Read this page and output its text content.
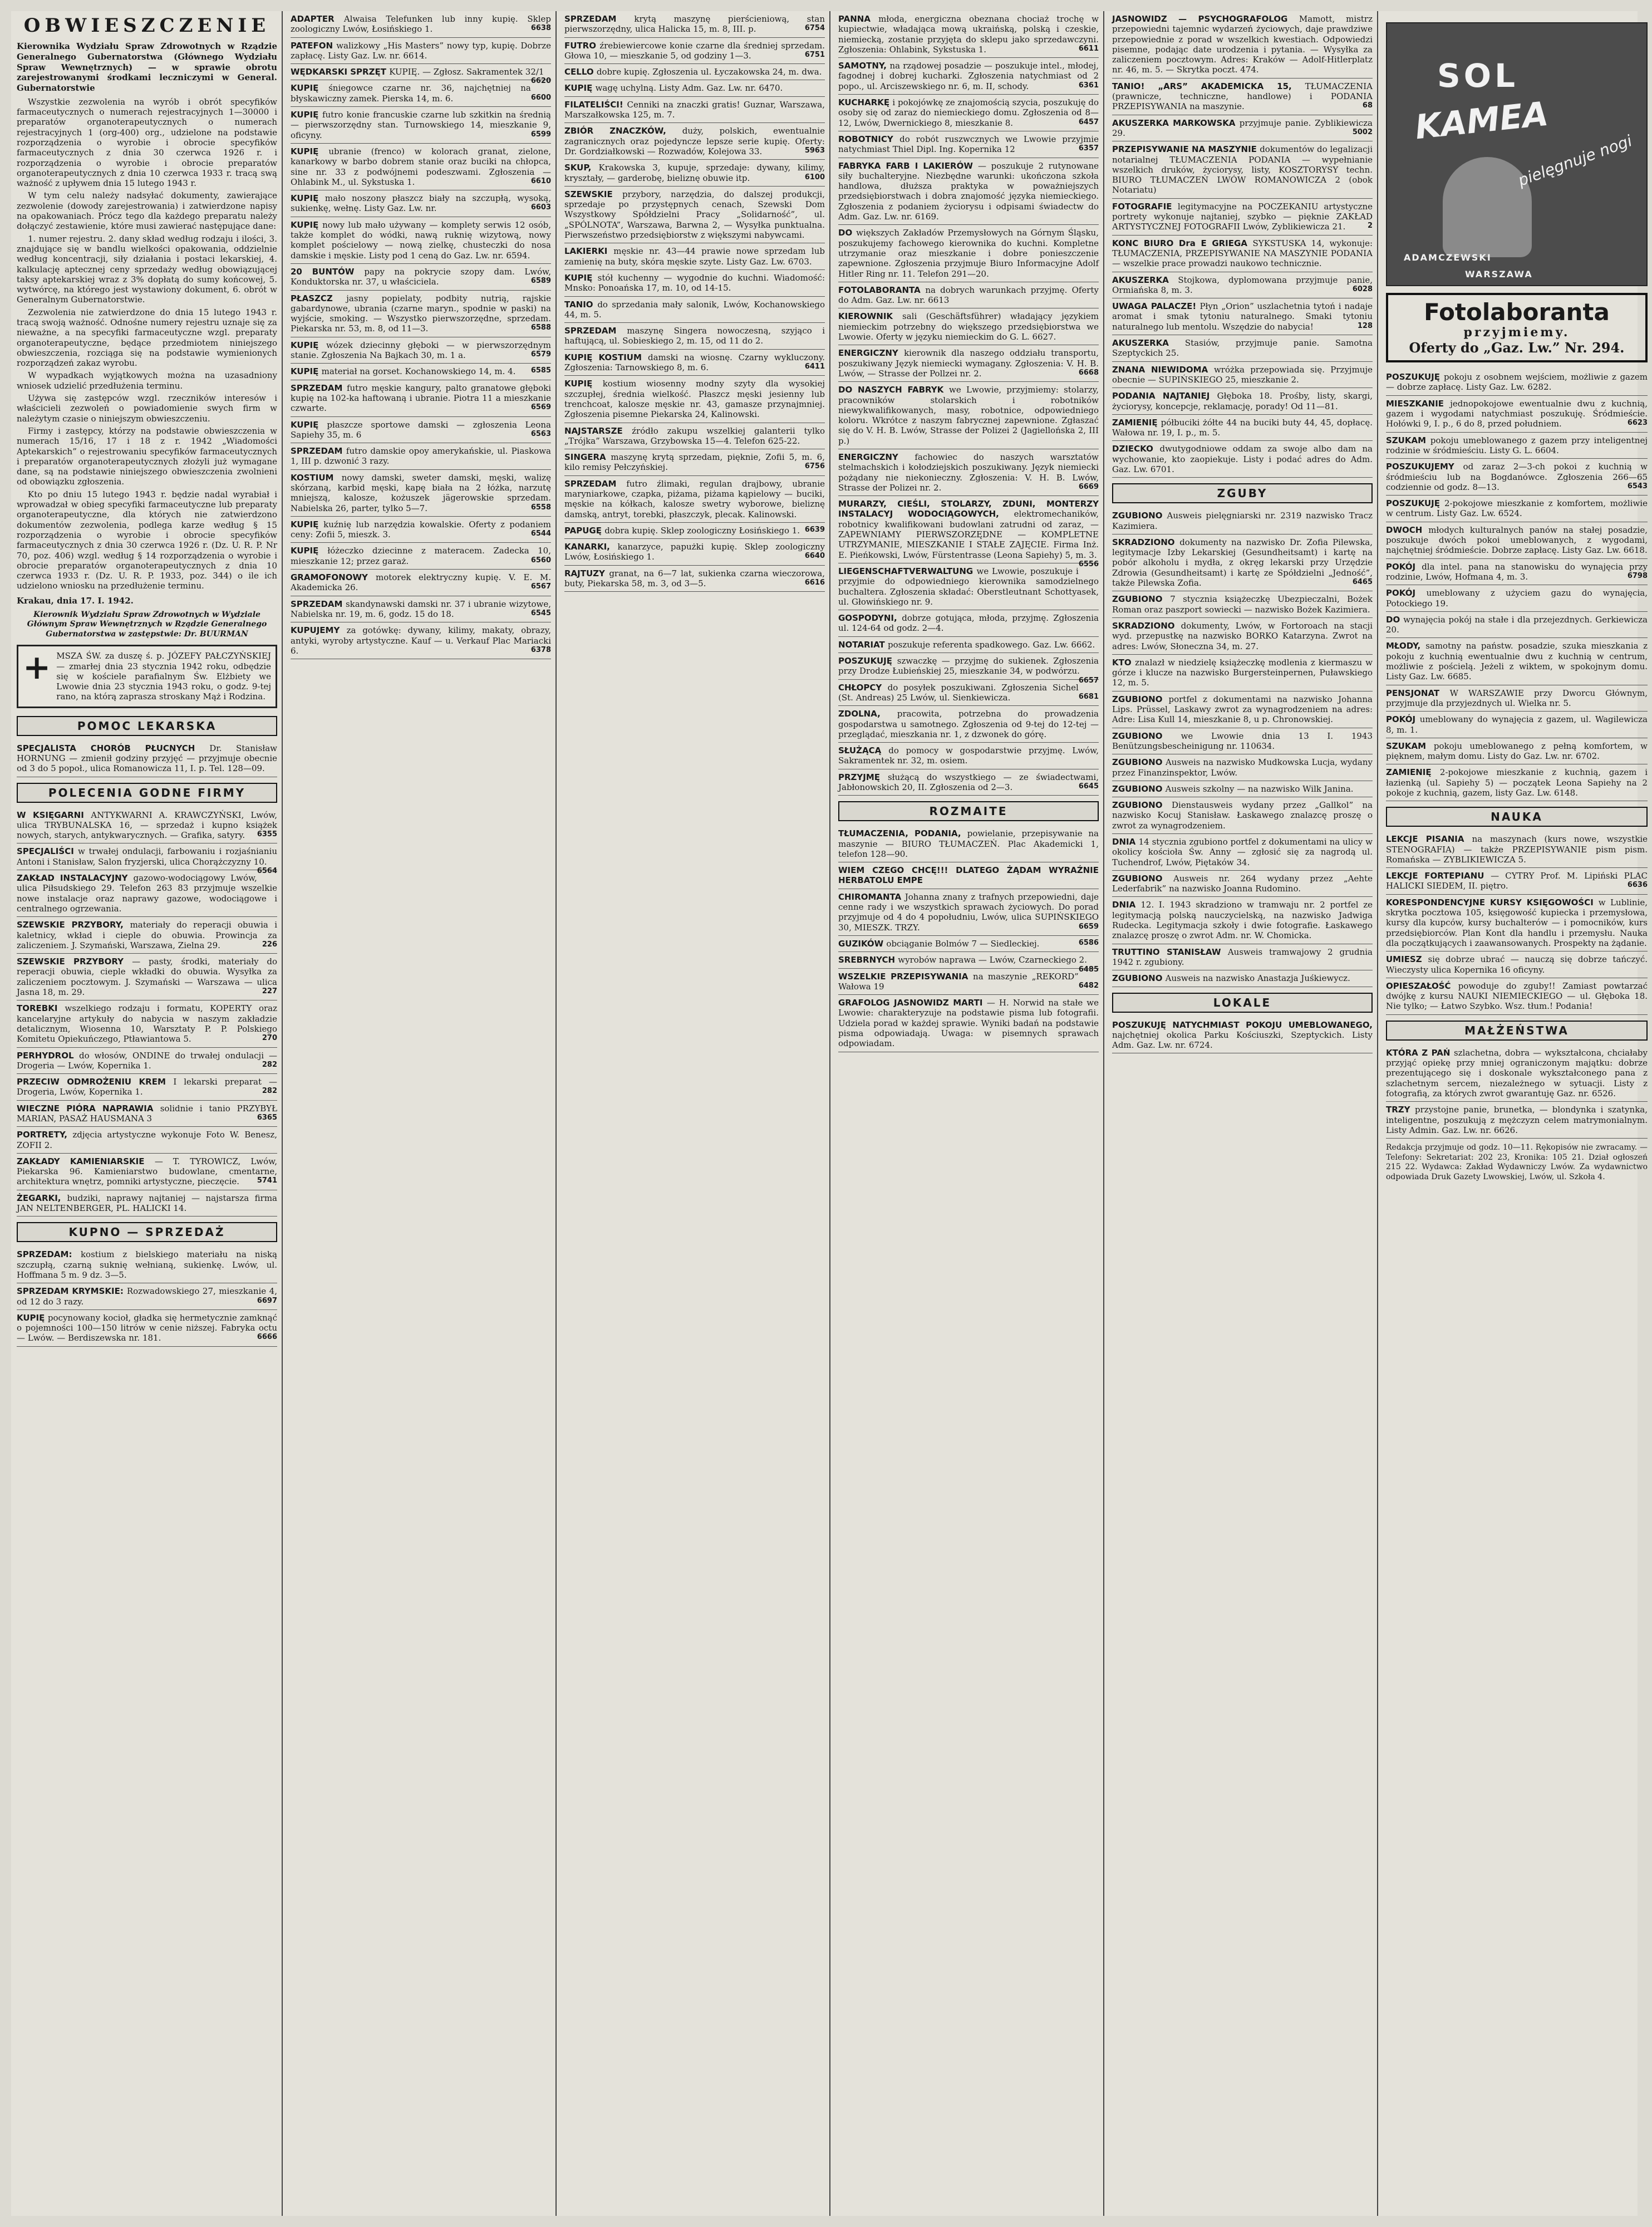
OBWIESZCZENIE
Kierownika Wydziału Spraw Zdrowotnych w Rządzie Generalnego Gubernatorstwa (Głównego Wydziału Spraw Wewnętrznych) — w sprawie obrotu zarejestrowanymi środkami leczniczymi w General. Gubernatorstwie

Wszystkie zezwolenia na wyrób i obrót specyfików farmaceutycznych o numerach rejestracyjnych 1—30000 i preparatów organoterapeutycznych o numerach rejestracyjnych 1 (org-400) org., udzielone na podstawie rozporządzenia o wyrobie i obrocie specyfików farmaceutycznych z dnia 30 czerwca 1926 r. i rozporządzenia o wyrobie i obrocie preparatów organoterapeutycznych z dnia 10 czerwca 1933 r. tracą swą ważność z upływem dnia 15 lutego 1943 r.

W tym celu należy nadsyłać dokumenty, zawierające zezwolenie (dowody zarejestrowania) i zatwierdzone napisy na opakowaniach. Prócz tego dla każdego preparatu należy dołączyć zestawienie, które musi zawierać następujące dane:

1. numer rejestru. 2. dany skład według rodzaju i ilości, 3. znajdujące się w bandlu wielkości opakowania, oddzielnie według koncentracji, siły działania i postaci lekarskiej, 4. kalkulację aptecznej ceny sprzedaży według obowiązującej taksy aptekarskiej wraz z 3% dopłatą do sumy końcowej, 5. wytwórcę, na którego jest wystawiony dokument, 6. obrót w Generalnym Gubernatorstwie.

Zezwolenia nie zatwierdzone do dnia 15 lutego 1943 r. tracą swoją ważność. Odnośne numery rejestru uznaje się za nieważne, a na specyfiki farmaceutyczne wzgl. preparaty organoterapeutyczne, będące przedmiotem niniejszego obwieszczenia, rozciąga się na podstawie wymienionych rozporządzeń zakaz wyrobu.

W wypadkach wyjątkowych można na uzasadniony wniosek udzielić przedłużenia terminu.

Używa się zastępców wzgl. rzeczników interesów i właścicieli zezwoleń o powiadomienie swych firm w należytym czasie o niniejszym obwieszczeniu.

Firmy i zastępcy, którzy na podstawie obwieszczenia w numerach 15/16, 17 i 18 z r. 1942 „Wiadomości Aptekarskich” o rejestrowaniu specyfików farmaceutycznych i preparatów organoterapeutycznych złożyli już wymagane dane, są na podstawie niniejszego obwieszczenia zwolnieni od obowiązku zgłoszenia.

Kto po dniu 15 lutego 1943 r. będzie nadal wyrabiał i wprowadzał w obieg specyfiki farmaceutyczne lub preparaty organoterapeutyczne, dla których nie zatwierdzono dokumentów zezwolenia, podlega karze według § 15 rozporządzenia o wyrobie i obrocie specyfików farmaceutycznych z dnia 30 czerwca 1926 r. (Dz. U. R. P. Nr 70, poz. 406) wzgl. według § 14 rozporządzenia o wyrobie i obrocie preparatów organoterapeutycznych z dnia 10 czerwca 1933 r. (Dz. U. R. P. 1933, poz. 344) o ile ich udzielono wniosku na przedłużenie terminu.

Krakau, dnia 17. I. 1942.
Kierownik Wydziału Spraw Zdrowotnych w Wydziale Głównym Spraw Wewnętrznych w Rządzie Generalnego Gubernatorstwa w zastępstwie: Dr. BUURMAN
+ MSZA ŚW. za duszę ś. p. JÓZEFY PAŁCZYŃSKIEJ — zmarłej dnia 23 stycznia 1942 roku, odbędzie się w kościele parafialnym Św. Elżbiety we Lwowie dnia 23 stycznia 1943 roku, o godz. 9-tej rano, na którą zaprasza stroskany Mąż i Rodzina.
POMOC LEKARSKA
SPECJALISTA CHORÓB PŁUCNYCH Dr. Stanisław HORNUNG — zmienił godziny przyjęć — przyjmuje obecnie od 3 do 5 popoł., ulica Romanowicza 11, I. p. Tel. 128—09.
POLECENIA GODNE FIRMY
W KSIĘGARNI ANTYKWARNI A. KRAWCZYŃSKI, Lwów, ulica TRYBUNALSKA 16, — sprzedaż i kupno książek nowych, starych, antykwarycznych. — Grafika, satyry. 6355
SPECJALIŚCI w trwałej ondulacji, farbowaniu i rozjaśnianiu Antoni i Stanisław, Salon fryzjerski, ulica Chorążczyzny 10.
6564
ZAKŁAD INSTALACYJNY gazowo-wodociągowy Lwów, ulica Piłsudskiego 29. Telefon 263 83 przyjmuje wszelkie nowe instalacje oraz naprawy gazowe, wodociągowe i centralnego ogrzewania.
SZEWSKIE PRZYBORY, materiały do reperacji obuwia i kaletnicy, wkład i cieple do obuwia. Prowincja za zaliczeniem. J. Szymański, Warszawa, Zielna 29.	226
SZEWSKIE PRZYBORY — pasty, środki, materiały do reperacji obuwia, cieple wkładki do obuwia. Wysyłka za zaliczeniem pocztowym. J. Szymański — Warszawa — ulica Jasna 18, m. 29.	227
TOREBKI wszelkiego rodzaju i formatu, KOPERTY oraz kancelaryjne artykuły do nabycia w naszym zakładzie detalicznym, Wiosenna 10, Warsztaty P. P. Polskiego Komitetu Opiekuńczego, Ptławiantowa 5.	270
PERHYDROL do włosów, ONDINE do trwałej ondulacji — Drogeria — Lwów, Kopernika 1.	282
PRZECIW ODMROŻENIU KREM I lekarski preparat — Drogeria, Lwów, Kopernika 1.	282
WIECZNE PIÓRA NAPRAWIA solidnie i tanio PRZYBYŁ MARIAN, PASAŻ HAUSMANA 3	6365
PORTRETY, zdjęcia artystyczne wykonuje Foto W. Benesz, ZOFII 2.
ZAKŁADY KAMIENIARSKIE — T. TYROWICZ, Lwów, Piekarska 96. Kamieniarstwo budowlane, cmentarne, architektura wnętrz, pomniki artystyczne, pieczęcie. 5741
ŻEGARKI, budziki, naprawy najtaniej — najstarsza firma JAN NELTENBERGER, PL. HALICKI 14.
KUPNO — SPRZEDAŻ
SPRZEDAM: kostium z bielskiego materiału na niską szczupłą, czarną suknię wełnianą, sukienkę. Lwów, ul. Hoffmana 5 m. 9 dz. 3—5.
SPRZEDAM KRYMSKIE: Rozwadowskiego 27, mieszkanie 4, od 12 do 3 razy.	6697
KUPIĘ pocynowany kocioł, gładka się hermetycznie zamknąć o pojemności 100—150 litrów w cenie niższej. Fabryka octu — Lwów. — Berdiszewska nr. 181.	6666
ADAPTER Alwaisa Telefunken lub inny kupię. Sklep zoologiczny Lwów, Łosińskiego 1.	6638
PATEFON walizkowy „His Masters” nowy typ, kupię. Dobrze zapłacę. Listy Gaz. Lw. nr. 6614.
WĘDKARSKI SPRZĘT KUPIĘ. — Zgłosz. Sakramentek 32/1
6620
KUPIĘ śniegowce czarne nr. 36, najchętniej na błyskawiczny zamek. Pierska 14, m. 6.	6600
KUPIĘ futro konie francuskie czarne lub szkitkin na średnią — pierwszorzędny stan. Turnowskiego 14, mieszkanie 9, oficyny.	6599
KUPIĘ ubranie (frenco) w kolorach granat, zielone, kanarkowy w barbo dobrem stanie oraz buciki na chłopca, sine nr. 33 z podwójnemi podeszwami. Zgłoszenia — Ohlabink M., ul. Sykstuska 1.	6610
KUPIĘ mało noszony płaszcz biały na szczupłą, wysoką, sukienkę, wełnę. Listy Gaz. Lw. nr.	6603
KUPIĘ nowy lub mało używany — komplety serwis 12 osób, także komplet do wódki, nawą ruknię wizytową, nowy komplet pościelowy — nową zielkę, chusteczki do nosa damskie i męskie. Listy pod 1 ceną do Gaz. Lw. nr. 6594.
20 BUNTÓW papy na pokrycie szopy dam. Lwów, Konduktorska nr. 37, u właściciela.	6589
PŁASZCZ jasny popielaty, podbity nutrią, rajskie gabardynowe, ubrania (czarne maryn., spodnie w paski) na wyjście, smoking. — Wszystko pierwszorzędne, sprzedam. Piekarska nr. 53, m. 8, od 11—3.	6588
KUPIĘ wózek dziecinny głęboki — w pierwszorzędnym stanie. Zgłoszenia Na Bajkach 30, m. 1 a.	6579
KUPIĘ materiał na gorset. Kochanowskiego 14, m. 4. 6585
SPRZEDAM futro męskie kangury, palto granatowe głęboki kupię na 102-ka haftowaną i ubranie. Piotra 11 a mieszkanie czwarte.	6569
KUPIĘ płaszcze sportowe damski — zgłoszenia Leona Sapiehy 35, m. 6	6563
SPRZEDAM futro damskie opoy amerykańskie, ul. Piaskowa 1, III p. dzwonić 3 razy.
KOSTIUM nowy damski, sweter damski, męski, walizę skórzaną, karbid męski, kapę biała na 2 łóżka, narzutę mniejszą, kalosze, kożuszek jägerowskie sprzedam. Nabielska 26, parter, tylko 5—7.	6558
KUPIĘ kuźnię lub narzędzia kowalskie. Oferty z podaniem ceny: Zofii 5, mieszk. 3.	6544
KUPIĘ łóżeczko dziecinne z materacem. Zadecka 10, mieszkanie 12; przez garaż.	6560
GRAMOFONOWY motorek elektryczny kupię. V. E. M. Akademicka 26.	6567
SPRZEDAM skandynawski damski nr. 37 i ubranie wizytowe, Nabielska nr. 19, m. 6, godz. 15 do 18.	6545
KUPUJEMY za gotówkę: dywany, kilimy, makaty, obrazy, antyki, wyroby artystyczne. Kauf — u. Verkauf Plac Mariacki 6.	6378
SPRZEDAM krytą maszynę pierścieniową, stan pierwszorzędny, ulica Halicka 15, m. 8, III. p.	6754
FUTRO źrebiewiercowe konie czarne dla średniej sprzedam. Głowa 10, — mieszkanie 5, od godziny 1—3.	6751
CELLO dobre kupię. Zgłoszenia ul. Łyczakowska 24, m. dwa.
KUPIĘ wagę uchylną. Listy Adm. Gaz. Lw. nr. 6470.
FILATELIŚCI! Cenniki na znaczki gratis! Guznar, Warszawa, Marszałkowska 125, m. 7.
ZBIÓR ZNACZKÓW, duży, polskich, ewentualnie zagranicznych oraz pojedyncze lepsze serie kupię. Oferty: Dr. Gordziałkowski — Rozwadów, Kolejowa 33.	5963
SKUP, Krakowska 3, kupuje, sprzedaje: dywany, kilimy, kryształy, — garderobę, bieliznę obuwie itp.	6100
SZEWSKIE przybory, narzędzia, do dalszej produkcji, sprzedaje po przystępnych cenach, Szewski Dom Wszystkowy Spółdzielni Pracy „Solidarność”, ul. „SPÓLNOTA”, Warszawa, Barwna 2, — Wysyłka punktualna. Pierwszeństwo przedsiębiorstw z większymi nabywcami.
LAKIERKI męskie nr. 43—44 prawie nowe sprzedam lub zamienię na buty, skóra męskie szyte. Listy Gaz. Lw. 6703.
KUPIĘ stół kuchenny — wygodnie do kuchni. Wiadomość: Mnsko: Ponoańska 17, m. 10, od 14-15.
TANIO do sprzedania mały salonik, Lwów, Kochanowskiego 44, m. 5.
SPRZEDAM maszynę Singera nowoczesną, szyjąco i haftującą, ul. Sobieskiego 2, m. 15, od 11 do 2.
KUPIĘ KOSTIUM damski na wiosnę. Czarny wykluczony. Zgłoszenia: Tarnowskiego 8, m. 6.	6411
KUPIĘ kostium wiosenny modny szyty dla wysokiej szczupłej, średnia wielkość. Płaszcz męski jesienny lub trenchcoat, kalosze męskie nr. 43, gamasze przynajmniej. Zgłoszenia pisemne Piekarska 24, Kalinowski.
NAJSTARSZE źródło zakupu wszelkiej galanterii tylko „Trójka” Warszawa, Grzybowska 15—4. Telefon 625-22.
SINGERA maszynę krytą sprzedam, pięknie, Zofii 5, m. 6, kilo remisy Pełczyńskiej.	6756
SPRZEDAM futro źlimaki, regulan drajbowy, ubranie maryniarkowe, czapka, piżama, piżama kąpielowy — buciki, męskie na kółkach, kalosze swetry wyborowe, bieliznę damską, antryt, torebki, płaszczyk, plecak. Kalinowski.
PAPUGĘ dobra kupię. Sklep zoologiczny Łosińskiego 1. 6639
KANARKI, kanarzyce, papużki kupię. Sklep zoologiczny Lwów, Łosińskiego 1.	6640
RAJTUZY granat, na 6—7 lat, sukienka czarna wieczorowa, buty, Piekarska 58, m. 3, od 3—5.	6616
PANNA młoda, energiczna obeznana chociaż trochę w kupiectwie, władająca mową ukraińską, polską i czeskie, niemiecką, zostanie przyjęta do sklepu jako sprzedawczyni. Zgłoszenia: Ohlabink, Sykstuska 1.	6611
SAMOTNY, na rządowej posadzie — poszukuje intel., młodej, fagodnej i dobrej kucharki. Zgłoszenia natychmiast od 2 popo., ul. Arciszewskiego nr. 6, m. II, schody.	6361
KUCHARKĘ i pokojówkę ze znajomością szycia, poszukuję do osoby się od zaraz do niemieckiego domu. Zgłoszenia od 8—12, Lwów, Dwernickiego 8, mieszkanie 8.	6457
ROBOTNICY do robót ruszwcznych we Lwowie przyjmie natychmiast Thiel Dipl. Ing. Kopernika 12	6357
FABRYKA FARB I LAKIERÓW — poszukuje 2 rutynowane siły buchalteryjne. Niezbędne warunki: ukończona szkoła handlowa, dłuższa praktyka w poważniejszych przedsiębiorstwach i dobra znajomość języka niemieckiego. Zgłoszenia z podaniem życiorysu i odpisami świadectw do Adm. Gaz. Lw. nr. 6169.
DO większych Zakładów Przemysłowych na Górnym Śląsku, poszukujemy fachowego kierownika do kuchni. Kompletne utrzymanie oraz mieszkanie i dobre ponieszczenie zapewnione. Zgłoszenia przyjmuje Biuro Informacyjne Adolf Hitler Ring nr. 11. Telefon 291—20.
FOTOLABORANTA na dobrych warunkach przyjmę. Oferty do Adm. Gaz. Lw. nr. 6613
KIEROWNIK sali (Geschäftsführer) władający językiem niemieckim potrzebny do większego przedsiębiorstwa we Lwowie. Oferty w języku niemieckim do G. L. 6627.
ENERGICZNY kierownik dla naszego oddziału transportu, poszukiwany Język niemiecki wymagany. Zgłoszenia: V. H. B. Lwów, — Strasse der Pollzei nr. 2.	6668
DO NASZYCH FABRYK we Lwowie, przyjmiemy: stolarzy, pracowników stolarskich i robotników niewykwalifikowanych, masy, robotnice, odpowiedniego koloru. Wkrótce z naszym fabrycznej zapewnione. Zgłaszać się do V. H. B. Lwów, Strasse der Polizei 2 (Jagiellońska 2, III p.)
ENERGICZNY fachowiec do naszych warsztatów stelmachskich i kołodziejskich poszukiwany. Język niemiecki pożądany nie niekonieczny. Zgłoszenia: V. H. B. Lwów, Strasse der Polizei nr. 2.	6669
MURARZY, CIEŚLI, STOLARZY, ZDUNI, MONTERZY INSTALACYJ WODOCIĄGOWYCH, elektromechaników, robotnicy kwalifikowani budowlani zatrudni od zaraz, — ZAPEWNIAMY PIERWSZORZĘDNE — KOMPLETNE UTRZYMANIE, MIESZKANIE I STAŁE ZAJĘCIE. Firma Inż. E. Pieńkowski, Lwów, Fürstentrasse (Leona Sapiehy) 5, m. 3.
6556
LIEGENSCHAFTVERWALTUNG we Lwowie, poszukuje i przyjmie do odpowiedniego kierownika samodzielnego buchaltera. Zgłoszenia składać: Oberstleutnant Schottyasek, ul. Głowińskiego nr. 9.
GOSPODYNI, dobrze gotująca, młoda, przyjmę. Zgłoszenia ul. 124-64 od godz. 2—4.
NOTARIAT poszukuje referenta spadkowego. Gaz. Lw. 6662.
POSZUKUJĘ szwaczkę — przyjmę do sukienek. Zgłoszenia przy Drodze Łubieńskiej 25, mieszkanie 34, w podwórzu.
6657
CHŁOPCY do posyłek poszukiwani. Zgłoszenia Sichel (St. Andreas) 25 Lwów, ul. Sienkiewicza.	6681
ZDOLNA, pracowita, potrzebna do prowadzenia gospodarstwa u samotnego. Zgłoszenia od 9-tej do 12-tej — przeglądać, mieszkania nr. 1, z dzwonek do górę.
SŁUŻĄCĄ do pomocy w gospodarstwie przyjmę. Lwów, Sakramentek nr. 32, m. osiem.
PRZYJMĘ służącą do wszystkiego — ze świadectwami, Jabłonowskich 20, II. Zgłoszenia od 2—3.	6645
ROZMAITE
TŁUMACZENIA, PODANIA, powielanie, przepisywanie na maszynie — BIURO TŁUMACZEŃ. Plac Akademicki 1, telefon 128—90.
WIEM CZEGO CHCĘ!!! DLATEGO ŻĄDAM WYRAŹNIE HERBATOLU EMPE
CHIROMANTA Johanna znany z trafnych przepowiedni, daje cenne rady i we wszystkich sprawach życiowych. Do porad przyjmuje od 4 do 4 popołudniu, Lwów, ulica SUPIŃSKIEGO 30, MIESZK. TRZY.	6659
GUZIKÓW obciąganie Bolmów 7 — Siedleckiej.	6586
SREBRNYCH wyrobów naprawa — Lwów, Czarneckiego 2.
6485
WSZELKIE PRZEPISYWANIA na maszynie „REKORD” Wałowa 19	6482
GRAFOLOG JASNOWIDZ MARTI — H. Norwid na stałe we Lwowie: charakteryzuje na podstawie pisma lub fotografii. Udziela porad w każdej sprawie. Wyniki badań na podstawie pisma odpowiadają. Uwaga: w pisemnych sprawach odpowiadam.
JASNOWIDZ — PSYCHOGRAFOLOG Mamott, mistrz przepowiedni tajemnic wydarzeń życiowych, daje prawdziwe przepowiednie z porad w wszelkich kwestiach. Odpowiedzi pisemne, podając date urodzenia i pytania. — Wysyłka za zaliczeniem pocztowym. Adres: Kraków — Adolf-Hitlerplatz nr. 46, m. 5. — Skrytka poczt. 474.
TANIO! „ARS” AKADEMICKA 15, TŁUMACZENIA (prawnicze, techniczne, handlowe) i PODANIA PRZEPISYWANIA na maszynie.	68
AKUSZERKA MARKOWSKA przyjmuje panie. Zyblikiewicza 29.	5002
PRZEPISYWANIE NA MASZYNIE dokumentów do legalizacji notarialnej TŁUMACZENIA PODANIA — wypełnianie wszelkich druków, życiorysy, listy, KOSZTORYSY techn. BIURO TŁUMACZEŃ LWÓW ROMANOWICZA 2 (obok Notariatu)
FOTOGRAFIE legitymacyjne na POCZEKANIU artystyczne portrety wykonuje najtaniej, szybko — pięknie ZAKŁAD ARTYSTYCZNEJ FOTOGRAFII Lwów, Zyblikiewicza 21.	2
KONC BIURO Dra E GRIEGA SYKSTUSKA 14, wykonuje: TŁUMACZENIA, PRZEPISYWANIE NA MASZYNIE PODANIA — wszelkie prace prowadzi naukowo technicznie.
AKUSZERKA Stojkowa, dyplomowana przyjmuje panie, Ormiańska 8, m. 3.	6028
UWAGA PALACZE! Płyn „Orion” uszlachetnia tytoń i nadaje aromat i smak tytoniu naturalnego. Smaki tytoniu naturalnego lub mentolu. Wszędzie do nabycia!	128
AKUSZERKA Stasiów, przyjmuje panie. Samotna Szeptyckich 25.
ZNANA NIEWIDOMA wróżka przepowiada się. Przyjmuje obecnie — SUPIŃSKIEGO 25, mieszkanie 2.
PODANIA NAJTANIEJ Głęboka 18. Prośby, listy, skargi, życiorysy, koncepcje, reklamację, porady! Od 11—81.
ZAMIENIĘ półbuciki żółte 44 na buciki buty 44, 45, dopłacę. Wałowa nr. 19, I. p., m. 5.
DZIECKO dwutygodniowe oddam za swoje albo dam na wychowanie, kto zaopiekuje. Listy i podać adres do Adm. Gaz. Lw. 6701.
ZGUBY
ZGUBIONO Ausweis pielęgniarski nr. 2319 nazwisko Tracz Kazimiera.
SKRADZIONO dokumenty na nazwisko Dr. Zofia Pilewska, legitymacje Izby Lekarskiej (Gesundheitsamt) i kartę na pobór alkoholu i mydła, z okręg lekarski przy Urzędzie Zdrowia (Gesundheitsamt) i kartę ze Spółdzielni „Jedność”, także Pilewska Zofia.	6465
ZGUBIONO 7 stycznia książeczkę Ubezpieczalni, Bożek Roman oraz paszport sowiecki — nazwisko Bożek Kazimiera.
SKRADZIONO dokumenty, Lwów, w Fortoroach na stacji wyd. przepustkę na nazwisko BORKO Katarzyna. Zwrot na adres: Lwów, Słoneczna 34, m. 27.
KTO znalazł w niedzielę książeczkę modlenia z kiermaszu w górze i klucze na nazwisko Burgersteinpernen, Puławskiego 12, m. 5.
ZGUBIONO portfel z dokumentami na nazwisko Johanna Lips. Prüssel, Laskawy zwrot za wynagrodzeniem na adres: Adre: Lisa Kull 14, mieszkanie 8, u p. Chronowskiej.
ZGUBIONO we Lwowie dnia 13 I. 1943 Benützungsbescheinigung nr. 110634.
ZGUBIONO Ausweis na nazwisko Mudkowska Lucja, wydany przez Finanzinspektor, Lwów.
ZGUBIONO Ausweis szkolny — na nazwisko Wilk Janina.
ZGUBIONO Dienstausweis wydany przez „Gallkol” na nazwisko Kocuj Stanisław. Łaskawego znalazcę proszę o zwrot za wynagrodzeniem.
DNIA 14 stycznia zgubiono portfel z dokumentami na ulicy w okolicy kościoła Św. Anny — zgłosić się za nagrodą ul. Tuchendrof, Lwów, Piętaków 34.
ZGUBIONO Ausweis nr. 264 wydany przez „Aehte Lederfabrik” na nazwisko Joanna Rudomino.
DNIA 12. I. 1943 skradziono w tramwaju nr. 2 portfel ze legitymacją polską nauczycielską, na nazwisko Jadwiga Rudecka. Legitymacja szkoły i dwie fotografie. Łaskawego znalazcę proszę o zwrot Adm. nr. W. Chomicka.
TRUTTINO STANISŁAW Ausweis tramwajowy 2 grudnia 1942 r. zgubiony.
ZGUBIONO Ausweis na nazwisko Anastazja Juśkiewycz.
LOKALE
POSZUKUJĘ NATYCHMIAST POKOJU UMEBLOWANEGO, najchętniej okolica Parku Kościuszki, Szeptyckich. Listy Adm. Gaz. Lw. nr. 6724.
SOL
KAMEA
pielęgnuje nogi
ADAMCZEWSKI
WARSZAWA
Fotolaboranta
przyjmiemy.
Oferty do „Gaz. Lw.” Nr. 294.
POSZUKUJĘ pokoju z osobnem wejściem, możliwie z gazem — dobrze zapłacę. Listy Gaz. Lw. 6282.
MIESZKANIE jednopokojowe ewentualnie dwu z kuchnią, gazem i wygodami natychmiast poszukuję. Śródmieście. Hołówki 9, I. p., 6 do 8, przed południem.	6623
SZUKAM pokoju umeblowanego z gazem przy inteligentnej rodzinie w śródmieściu. Listy G. L. 6604.
POSZUKUJEMY od zaraz 2—3-ch pokoi z kuchnią w śródmieściu lub na Bogdanówce. Zgłoszenia 266—65 codziennie od godz. 8—13.	6543
POSZUKUJĘ 2-pokojowe mieszkanie z komfortem, możliwie w centrum. Listy Gaz. Lw. 6524.
DWOCH młodych kulturalnych panów na stałej posadzie, poszukuje dwóch pokoi umeblowanych, z wygodami, najchętniej śródmieście. Dobrze zapłacę. Listy Gaz. Lw. 6618.
POKÓJ dla intel. pana na stanowisku do wynajęcia przy rodzinie, Lwów, Hofmana 4, m. 3.	6798
POKÓJ umeblowany z użyciem gazu do wynajęcia, Potockiego 19.
DO wynajęcia pokój na stałe i dla przejezdnych. Gerkiewicza 20.
MŁODY, samotny na państw. posadzie, szuka mieszkania z pokoju z kuchnią ewentualnie dwu z kuchnią w centrum, możliwie z pościelą. Jeżeli z wiktem, w spokojnym domu. Listy Gaz. Lw. 6685.
PENSJONAT W WARSZAWIE przy Dworcu Głównym, przyjmuje dla przyjezdnych ul. Wielka nr. 5.
POKÓJ umeblowany do wynajęcia z gazem, ul. Wagilewicza 8, m. 1.
SZUKAM pokoju umeblowanego z pełną komfortem, w pięknem, małym domu. Listy do Gaz. Lw. nr. 6702.
ZAMIENIĘ 2-pokojowe mieszkanie z kuchnią, gazem i łazienką (ul. Sapiehy 5) — początek Leona Sapiehy na 2 pokoje z kuchnią, gazem, listy Gaz. Lw. 6148.
NAUKA
LEKCJE PISANIA na maszynach (kurs nowe, wszystkie STENOGRAFIA) — także PRZEPISYWANIE pism pism. Romańska — ZYBLIKIEWICZA 5.
LEKCJE FORTEPIANU — CYTRY Prof. M. Lipiński PLAC HALICKI SIEDEM, II. piętro.	6636
KORESPONDENCYJNE KURSY KSIĘGOWOŚCI w Lublinie, skrytka pocztowa 105, księgowość kupiecka i przemysłowa, kursy dla kupców, kursy buchalterów — i pomocników, kurs przedsiębiorców. Plan Kont dla handlu i przemysłu. Nauka dla początkujących i zaawansowanych. Prospekty na żądanie.
UMIESZ się dobrze ubrać — nauczą się dobrze tańczyć. Wieczysty ulica Kopernika 16 oficyny.
OPIESZAŁOŚĆ powoduje do zguby!! Zamiast powtarzać dwójkę z kursu NAUKI NIEMIECKIEGO — ul. Głęboka 18. Nie tylko; — Łatwo Szybko. Wsz. tłum.! Podania!
MAŁŻEŃSTWA
KTÓRA Z PAŃ szlachetna, dobra — wykształcona, chciałaby przyjąć opiekę przy mniej ograniczonym majątku: dobrze prezentującego się i doskonale wykształconego pana z szlachetnym sercem, niezależnego w sytuacji. Listy z fotografią, za których zwrot gwarantuję Gaz. nr. 6526.
TRZY przystojne panie, brunetka, — blondynka i szatynka, inteligentne, poszukują z mężczyzn celem matrymonialnym. Listy Admin. Gaz. Lw. nr. 6626.
Redakcja przyjmuje od godz. 10—11. Rękopisów nie zwracamy. — Telefony: Sekretariat: 202 23, Kronika: 105 21. Dział ogłoszeń 215 22. Wydawca: Zakład Wydawniczy Lwów. Za wydawnictwo odpowiada Druk Gazety Lwowskiej, Lwów, ul. Szkoła 4.
